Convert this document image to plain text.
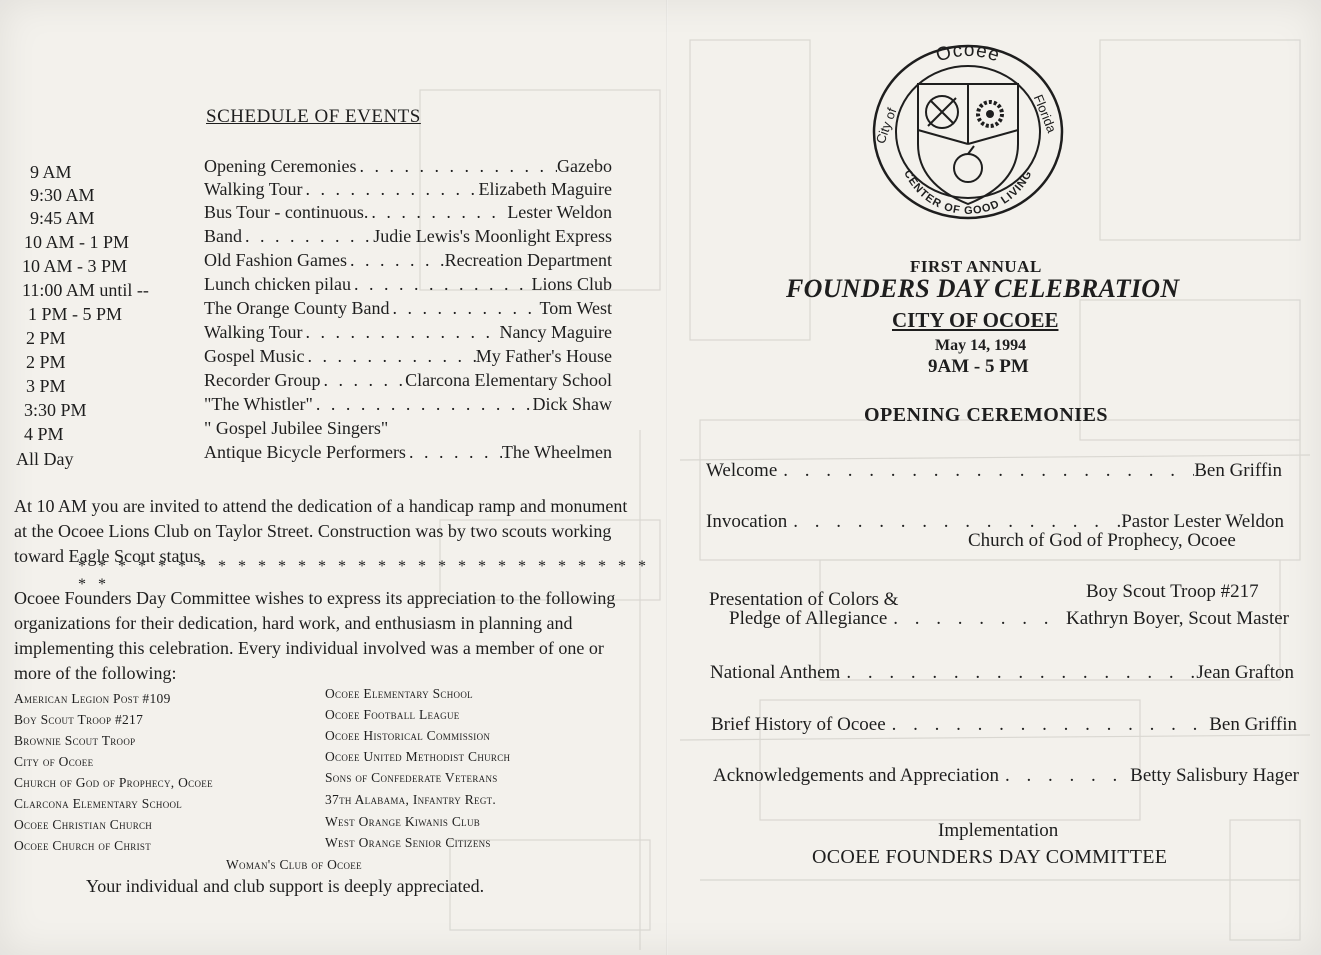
SCHEDULE OF EVENTS
9 AM	Opening Ceremonies . . .	Gazebo
9:30 AM	Walking Tour . . .	Elizabeth Maguire
9:45 AM	Bus Tour - continuous. . . .	Lester Weldon
10 AM - 1 PM	Band . . .	Judie Lewis's Moonlight Express
10 AM - 3 PM	Old Fashion Games . . .	Recreation Department
11:00 AM until --	Lunch chicken pilau . . .	Lions Club
1 PM - 5 PM	The Orange County Band . . .	Tom West
2 PM	Walking Tour . . .	Nancy Maguire
2 PM	Gospel Music . . .	My Father's House
3 PM	Recorder Group . . .	Clarcona Elementary School
3:30 PM	"The Whistler" . . .	Dick Shaw
4 PM	" Gospel Jubilee Singers"
All Day	Antique Bicycle Performers . . .	The Wheelmen
At 10 AM you are invited to attend the dedication of a handicap ramp and monument at the Ocoee Lions Club on Taylor Street. Construction was by two scouts working toward Eagle Scout status.
* * * * * * * * * * * * * * * * * * * * * * * * * * * * * * *
Ocoee Founders Day Committee wishes to express its appreciation to the following organizations for their dedication, hard work, and enthusiasm in planning and implementing this celebration. Every individual involved was a member of one or more of the following:
American Legion Post #109
Boy Scout Troop #217
Brownie Scout Troop
City of Ocoee
Church of God of Prophecy, Ocoee
Clarcona Elementary School
Ocoee Christian Church
Ocoee Church of Christ
Ocoee Elementary School
Ocoee Football League
Ocoee Historical Commission
Ocoee United Methodist Church
Sons of Confederate Veterans
37th Alabama, Infantry Regt.
West Orange Kiwanis Club
West Orange Senior Citizens
Woman's Club of Ocoee
Your individual and club support is deeply appreciated.
Ocoee
City of	Florida
CENTER OF GOOD LIVING
FIRST ANNUAL
FOUNDERS DAY CELEBRATION
CITY OF OCOEE
May 14, 1994
9AM - 5 PM
OPENING CEREMONIES
Welcome . . .	Ben Griffin
Invocation . . .	.Pastor Lester Weldon
Church of God of Prophecy, Ocoee
Presentation of Colors &	Boy Scout Troop #217
Pledge of Allegiance . . .	Kathryn Boyer, Scout Master
National Anthem . . .	Jean Grafton
Brief History of Ocoee . . .	Ben Griffin
Acknowledgements and Appreciation . . .	Betty Salisbury Hager
Implementation
OCOEE FOUNDERS DAY COMMITTEE
